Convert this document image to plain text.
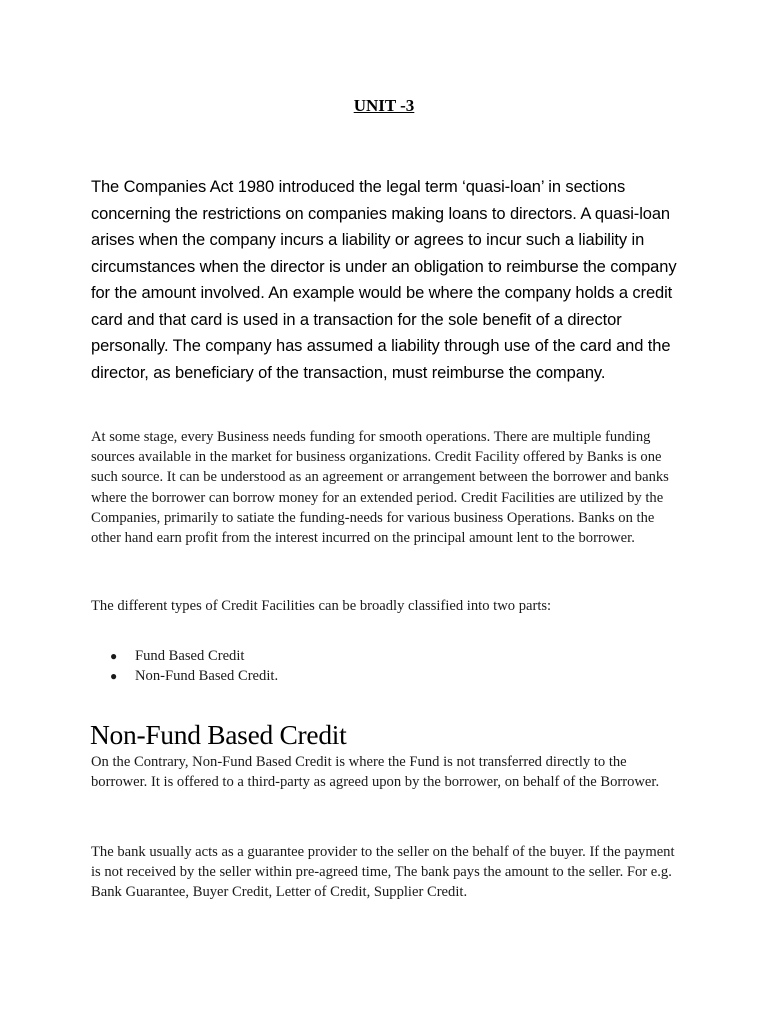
UNIT -3

The Companies Act 1980 introduced the legal term ‘quasi-loan’ in sections concerning the restrictions on companies making loans to directors. A quasi-loan arises when the company incurs a liability or agrees to incur such a liability in circumstances when the director is under an obligation to reimburse the company for the amount involved. An example would be where the company holds a credit card and that card is used in a transaction for the sole benefit of a director personally. The company has assumed a liability through use of the card and the director, as beneficiary of the transaction, must reimburse the company.

At some stage, every Business needs funding for smooth operations. There are multiple funding sources available in the market for business organizations. Credit Facility offered by Banks is one such source. It can be understood as an agreement or arrangement between the borrower and banks where the borrower can borrow money for an extended period. Credit Facilities are utilized by the Companies, primarily to satiate the funding-needs for various business Operations. Banks on the other hand earn profit from the interest incurred on the principal amount lent to the borrower.

The different types of Credit Facilities can be broadly classified into two parts:

● Fund Based Credit
● Non-Fund Based Credit.
Non-Fund Based Credit

On the Contrary, Non-Fund Based Credit is where the Fund is not transferred directly to the borrower. It is offered to a third-party as agreed upon by the borrower, on behalf of the Borrower.

The bank usually acts as a guarantee provider to the seller on the behalf of the buyer. If the payment is not received by the seller within pre-agreed time, The bank pays the amount to the seller. For e.g. Bank Guarantee, Buyer Credit, Letter of Credit, Supplier Credit.
